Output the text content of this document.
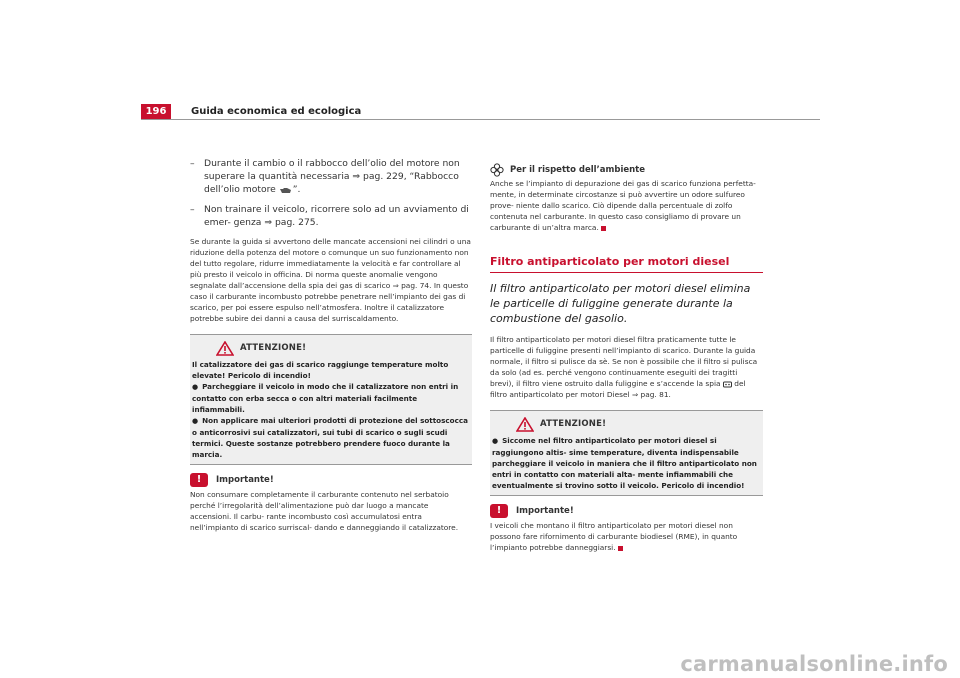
196	Guida economica ed ecologica
– Durante il cambio o il rabbocco dell’olio del motore non superare la quantità necessaria ⇒ pag. 229, “Rabbocco dell’olio motore ”.
– Non trainare il veicolo, ricorrere solo ad un avviamento di emer- genza ⇒ pag. 275.

Se durante la guida si avvertono delle mancate accensioni nei cilindri o una riduzione della potenza del motore o comunque un suo funzionamento non del tutto regolare, ridurre immediatamente la velocità e far controllare al più presto il veicolo in officina. Di norma queste anomalie vengono segnalate dall’accensione della spia dei gas di scarico ⇒ pag. 74. In questo caso il carburante incombusto potrebbe penetrare nell’impianto dei gas di scarico, per poi essere espulso nell’atmosfera. Inoltre il catalizzatore potrebbe subire dei danni a causa del surriscaldamento.

ATTENZIONE!
Il catalizzatore dei gas di scarico raggiunge temperature molto elevate! Pericolo di incendio!
● Parcheggiare il veicolo in modo che il catalizzatore non entri in contatto con erba secca o con altri materiali facilmente infiammabili.
● Non applicare mai ulteriori prodotti di protezione del sottoscocca o anticorrosivi sui catalizzatori, sui tubi di scarico o sugli scudi termici. Queste sostanze potrebbero prendere fuoco durante la marcia.
!	Importante!

Non consumare completamente il carburante contenuto nel serbatoio perché l’irregolarità dell’alimentazione può dar luogo a mancate accensioni. Il carbu- rante incombusto così accumulatosi entra nell’impianto di scarico surriscal- dando e danneggiando il catalizzatore.

Per il rispetto dell’ambiente

Anche se l’impianto di depurazione dei gas di scarico funziona perfetta- mente, in determinate circostanze si può avvertire un odore sulfureo prove- niente dallo scarico. Ciò dipende dalla percentuale di zolfo contenuta nel carburante. In questo caso consigliamo di provare un carburante di un’altra marca.

Filtro antiparticolato per motori diesel
Il filtro antiparticolato per motori diesel elimina le particelle di fuliggine generate durante la combustione del gasolio.

Il filtro antiparticolato per motori diesel filtra praticamente tutte le particelle di fuliggine presenti nell’impianto di scarico. Durante la guida normale, il filtro si pulisce da sè. Se non è possibile che il filtro si pulisca da solo (ad es. perché vengono continuamente eseguiti dei tragitti brevi), il filtro viene ostruito dalla fuliggine e s’accende la spia del filtro antiparticolato per motori Diesel ⇒ pag. 81.

ATTENZIONE!
● Siccome nel filtro antiparticolato per motori diesel si raggiungono altis- sime temperature, diventa indispensabile parcheggiare il veicolo in maniera che il filtro antiparticolato non entri in contatto con materiali alta- mente infiammabili che eventualmente si trovino sotto il veicolo. Pericolo di incendio!
!	Importante!

I veicoli che montano il filtro antiparticolato per motori diesel non possono fare rifornimento di carburante biodiesel (RME), in quanto l’impianto potrebbe danneggiarsi.

carmanualsonline.info
